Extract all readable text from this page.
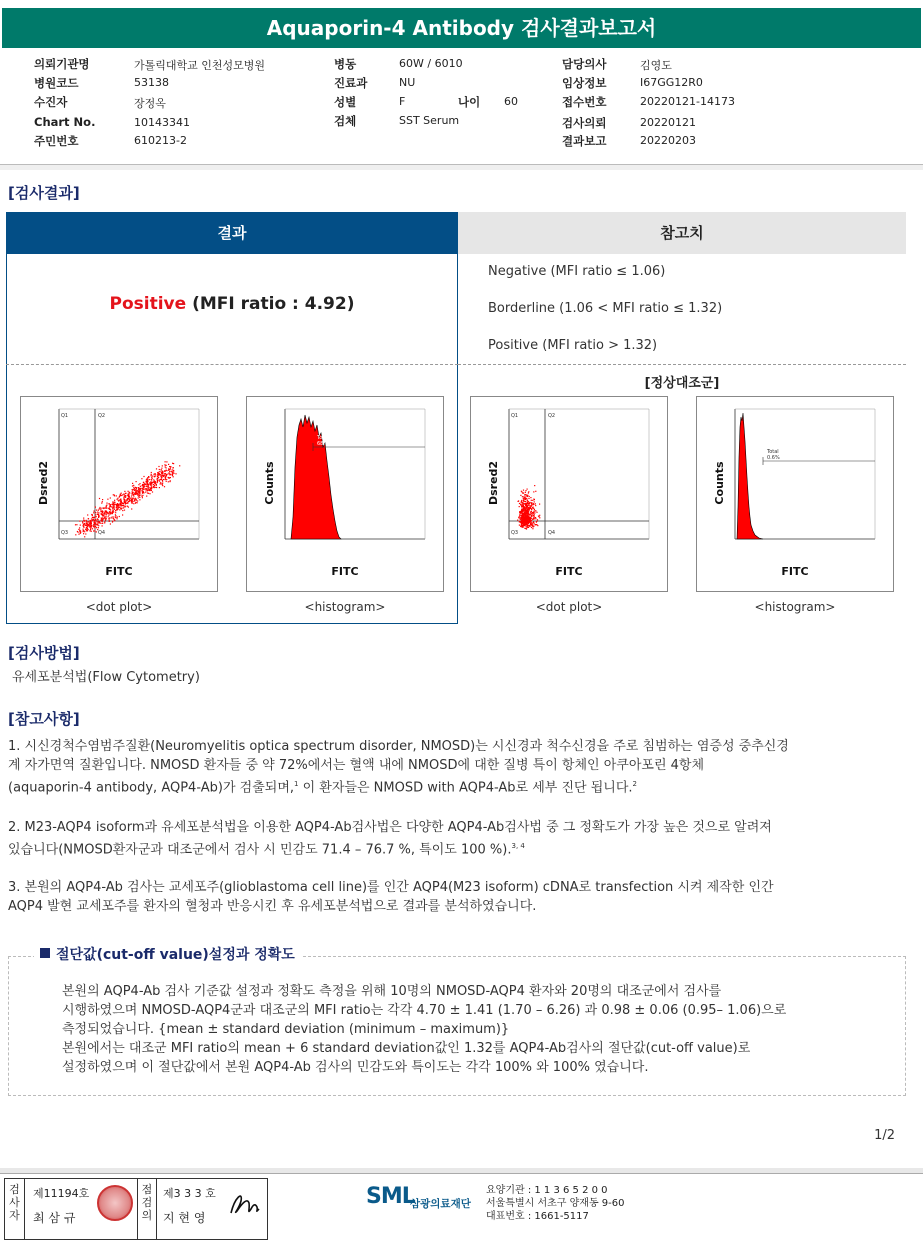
Aquaporin-4 Antibody 검사결과보고서
의뢰기관명	가톨릭대학교 인천성모병원
병원코드	53138
수진자	장정옥
Chart No.	10143341
주민번호	610213-2
병동	60W / 6010
진료과	NU
성별	F	나이 60
검체	SST Serum
담당의사	김영도
임상정보	I67GG12R0
접수번호	20220121-14173
검사의뢰	20220121
결과보고	20220203
[검사결과]
결과	참고치
Positive (MFI ratio : 4.92)
Negative (MFI ratio ≤ 1.06)
Borderline (1.06 < MFI ratio ≤ 1.32)
Positive (MFI ratio > 1.32)
[정상대조군]
Q1	Q2
Q3	Q4
FITC
Dsred2
<dot plot>
Total
68.1%
FITC
Counts
<histogram>
Q1	Q2
Q3	Q4
FITC
Dsred2
<dot plot>
Total
0.6%
FITC
Counts
<histogram>
[검사방법]
유세포분석법(Flow Cytometry)
[참고사항]
1. 시신경척수염범주질환(Neuromyelitis optica spectrum disorder, NMOSD)는 시신경과 척수신경을 주로 침범하는 염증성 중추신경
계 자가면역 질환입니다. NMOSD 환자들 중 약 72%에서는 혈액 내에 NMOSD에 대한 질병 특이 항체인 아쿠아포린 4항체
(aquaporin-4 antibody, AQP4-Ab)가 검출되며,$^1$ 이 환자들은 NMOSD with AQP4-Ab로 세부 진단 됩니다.$^2$
2. M23-AQP4 isoform과 유세포분석법을 이용한 AQP4-Ab검사법은 다양한 AQP4-Ab검사법 중 그 정확도가 가장 높은 것으로 알려져
있습니다(NMOSD환자군과 대조군에서 검사 시 민감도 71.4 – 76.7 %, 특이도 100 %).$^{3, 4}$
3. 본원의 AQP4-Ab 검사는 교세포주(glioblastoma cell line)를 인간 AQP4(M23 isoform) cDNA로 transfection 시켜 제작한 인간
AQP4 발현 교세포주를 환자의 혈청과 반응시킨 후 유세포분석법으로 결과를 분석하였습니다.
절단값(cut-off value)설정과 정확도
본원의 AQP4-Ab 검사 기준값 설정과 정확도 측정을 위해 10명의 NMOSD-AQP4 환자와 20명의 대조군에서 검사를
시행하였으며 NMOSD-AQP4군과 대조군의 MFI ratio는 각각 4.70 ± 1.41 (1.70 – 6.26) 과 0.98 ± 0.06 (0.95– 1.06)으로
측정되었습니다. {mean ± standard deviation (minimum – maximum)}
본원에서는 대조군 MFI ratio의 mean + 6 standard deviation값인 1.32를 AQP4-Ab검사의 절단값(cut-off value)로
설정하였으며 이 절단값에서 본원 AQP4-Ab 검사의 민감도와 특이도는 각각 100% 와 100% 였습니다.
1/2
검사자
제11194호
최 삼 규
점검의
제3 3 3 호
지 현 영
SML
삼광의료재단
요양기관 : 1 1 3 6 5 2 0 0
서울특별시 서초구 양재동 9-60
대표번호 : 1661-5117
